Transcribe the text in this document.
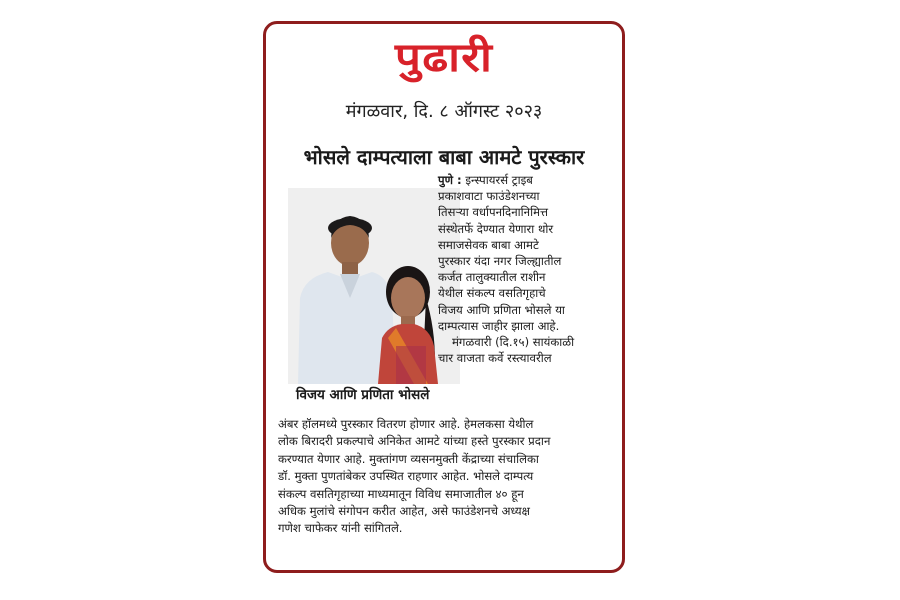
पुढारी
मंगळवार, दि. ८ ऑगस्ट २०२३
भोसले दाम्पत्याला बाबा आमटे पुरस्कार
विजय आणि प्रणिता भोसले
पुणे : इन्स्पायरर्स ट्राइब
प्रकाशवाटा फाउंडेशनच्या
तिसऱ्या वर्धापनदिनानिमित्त
संस्थेतर्फे देण्यात येणारा थोर
समाजसेवक बाबा आमटे
पुरस्कार यंदा नगर जिल्ह्यातील
कर्जत तालुक्यातील राशीन
येथील संकल्प वसतिगृहाचे
विजय आणि प्रणिता भोसले या
दाम्पत्यास जाहीर झाला आहे.
मंगळवारी (दि.१५) सायंकाळी
चार वाजता कर्वे रस्त्यावरील
अंबर हॉलमध्ये पुरस्कार वितरण होणार आहे. हेमलकसा येथील
लोक बिरादरी प्रकल्पाचे अनिकेत आमटे यांच्या हस्ते पुरस्कार प्रदान
करण्यात येणार आहे. मुक्तांगण व्यसनमुक्ती केंद्राच्या संचालिका
डॉ. मुक्ता पुणतांबेकर उपस्थित राहणार आहेत. भोसले दाम्पत्य
संकल्प वसतिगृहाच्या माध्यमातून विविध समाजातील ४० हून
अधिक मुलांचे संगोपन करीत आहेत, असे फाउंडेशनचे अध्यक्ष
गणेश चाफेकर यांनी सांगितले.
